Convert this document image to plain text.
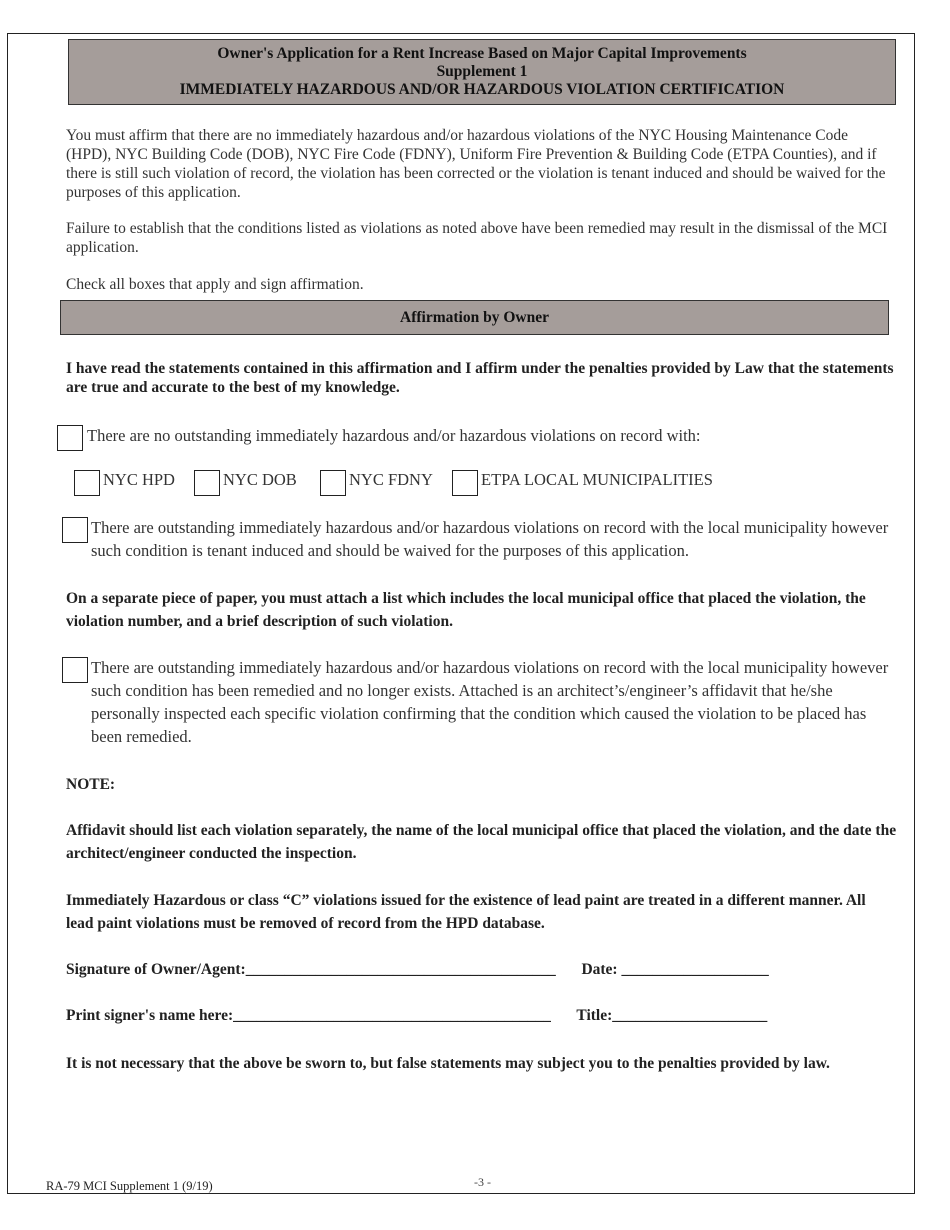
Owner's Application for a Rent Increase Based on Major Capital Improvements
Supplement 1
IMMEDIATELY HAZARDOUS AND/OR HAZARDOUS VIOLATION CERTIFICATION
You must affirm that there are no immediately hazardous and/or hazardous violations of the NYC Housing Maintenance Code (HPD), NYC Building Code (DOB), NYC Fire Code (FDNY), Uniform Fire Prevention & Building Code (ETPA Counties), and if there is still such violation of record, the violation has been corrected or the violation is tenant induced and should be waived for the purposes of this application.
Failure to establish that the conditions listed as violations as noted above have been remedied may result in the dismissal of the MCI application.
Check all boxes that apply and sign affirmation.
Affirmation by Owner
I have read the statements contained in this affirmation and I affirm under the penalties provided by Law that the statements are true and accurate to the best of my knowledge.
There are no outstanding immediately hazardous and/or hazardous violations on record with:
NYC HPD	NYC DOB	NYC FDNY	ETPA LOCAL MUNICIPALITIES
There are outstanding immediately hazardous and/or hazardous violations on record with the local municipality however such condition is tenant induced and should be waived for the purposes of this application.
On a separate piece of paper, you must attach a list which includes the local municipal office that placed the violation, the violation number, and a brief description of such violation.
There are outstanding immediately hazardous and/or hazardous violations on record with the local municipality however such condition has been remedied and no longer exists. Attached is an architect’s/engineer’s affidavit that he/she personally inspected each specific violation confirming that the condition which caused the violation to be placed has been remedied.
NOTE:
Affidavit should list each violation separately, the name of the local municipal office that placed the violation, and the date the architect/engineer conducted the inspection.
Immediately Hazardous or class “C” violations issued for the existence of lead paint are treated in a different manner. All lead paint violations must be removed of record from the HPD database.
Signature of Owner/Agent:________________________________________ Date: ___________________
Print signer's name here:_________________________________________ Title:____________________
It is not necessary that the above be sworn to, but false statements may subject you to the penalties provided by law.
RA-79 MCI Supplement 1 (9/19)	-3 -
